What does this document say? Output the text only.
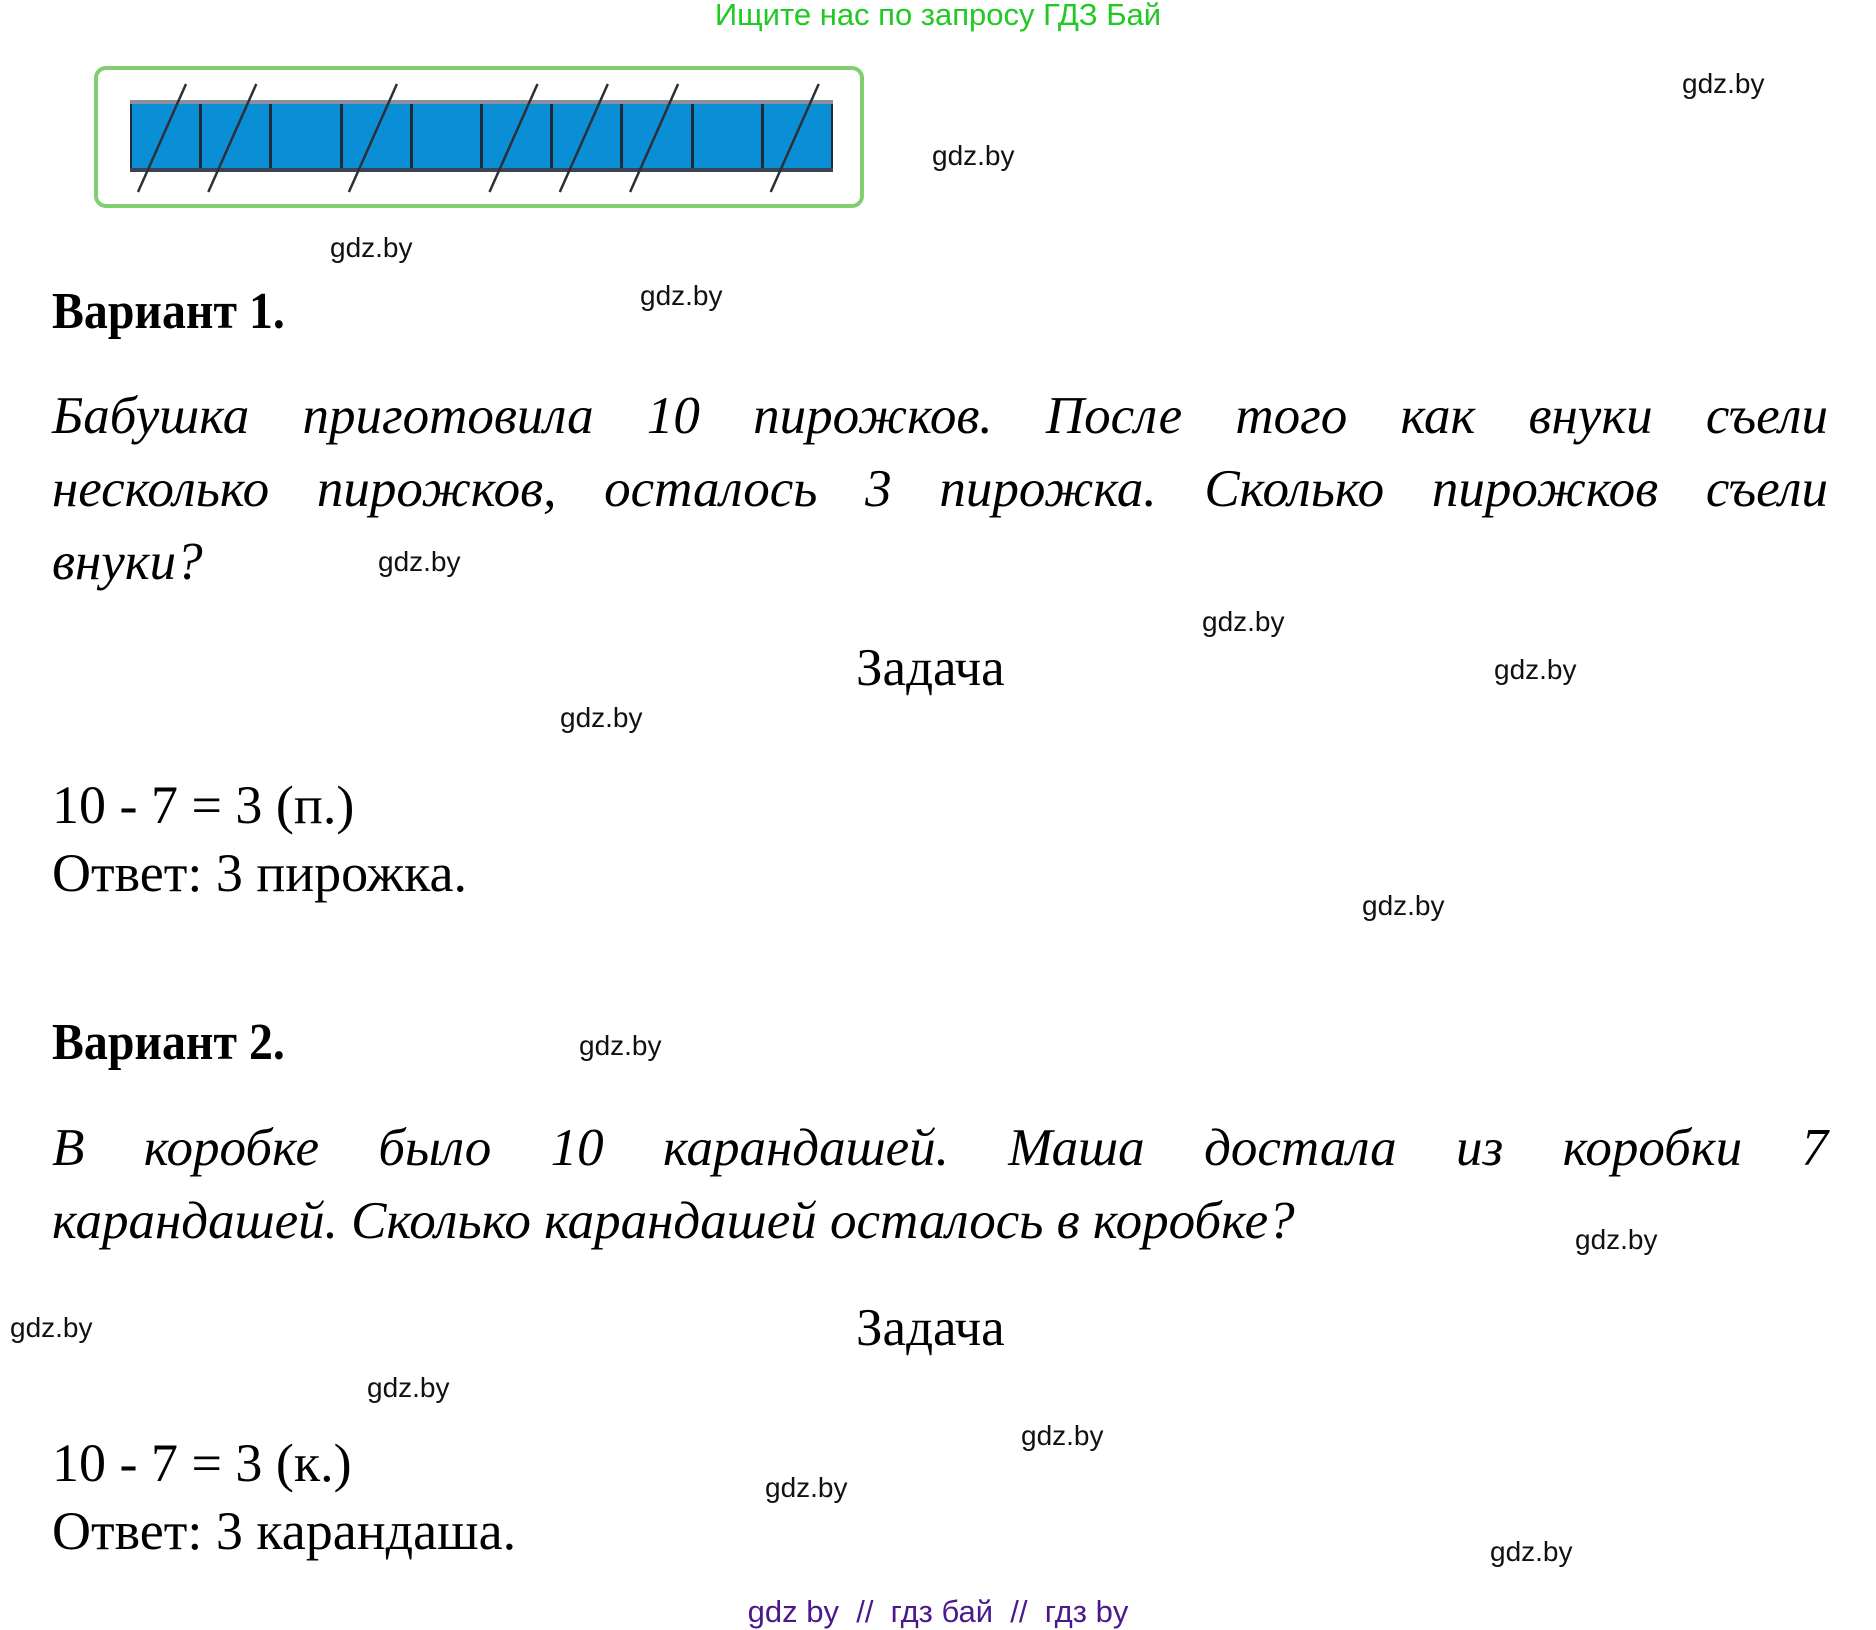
Ищите нас по запросу ГДЗ Бай
gdz.by
gdz.by
gdz.by
gdz.by
gdz.by
gdz.by
gdz.by
gdz.by
gdz.by
gdz.by
gdz.by
gdz.by
gdz.by
gdz.by
gdz.by
gdz.by
Вариант 1.
Бабушка приготовила 10 пирожков. После того как внуки съели
несколько пирожков, осталось 3 пирожка. Сколько пирожков съели
внуки?
Задача
10 - 7 = 3 (п.)
Ответ: 3 пирожка.
Вариант 2.
В коробке было 10 карандашей. Маша достала из коробки 7
карандашей. Сколько карандашей осталось в коробке?
Задача
10 - 7 = 3 (к.)
Ответ: 3 карандаша.
gdz by  //  гдз бай  //  гдз by
